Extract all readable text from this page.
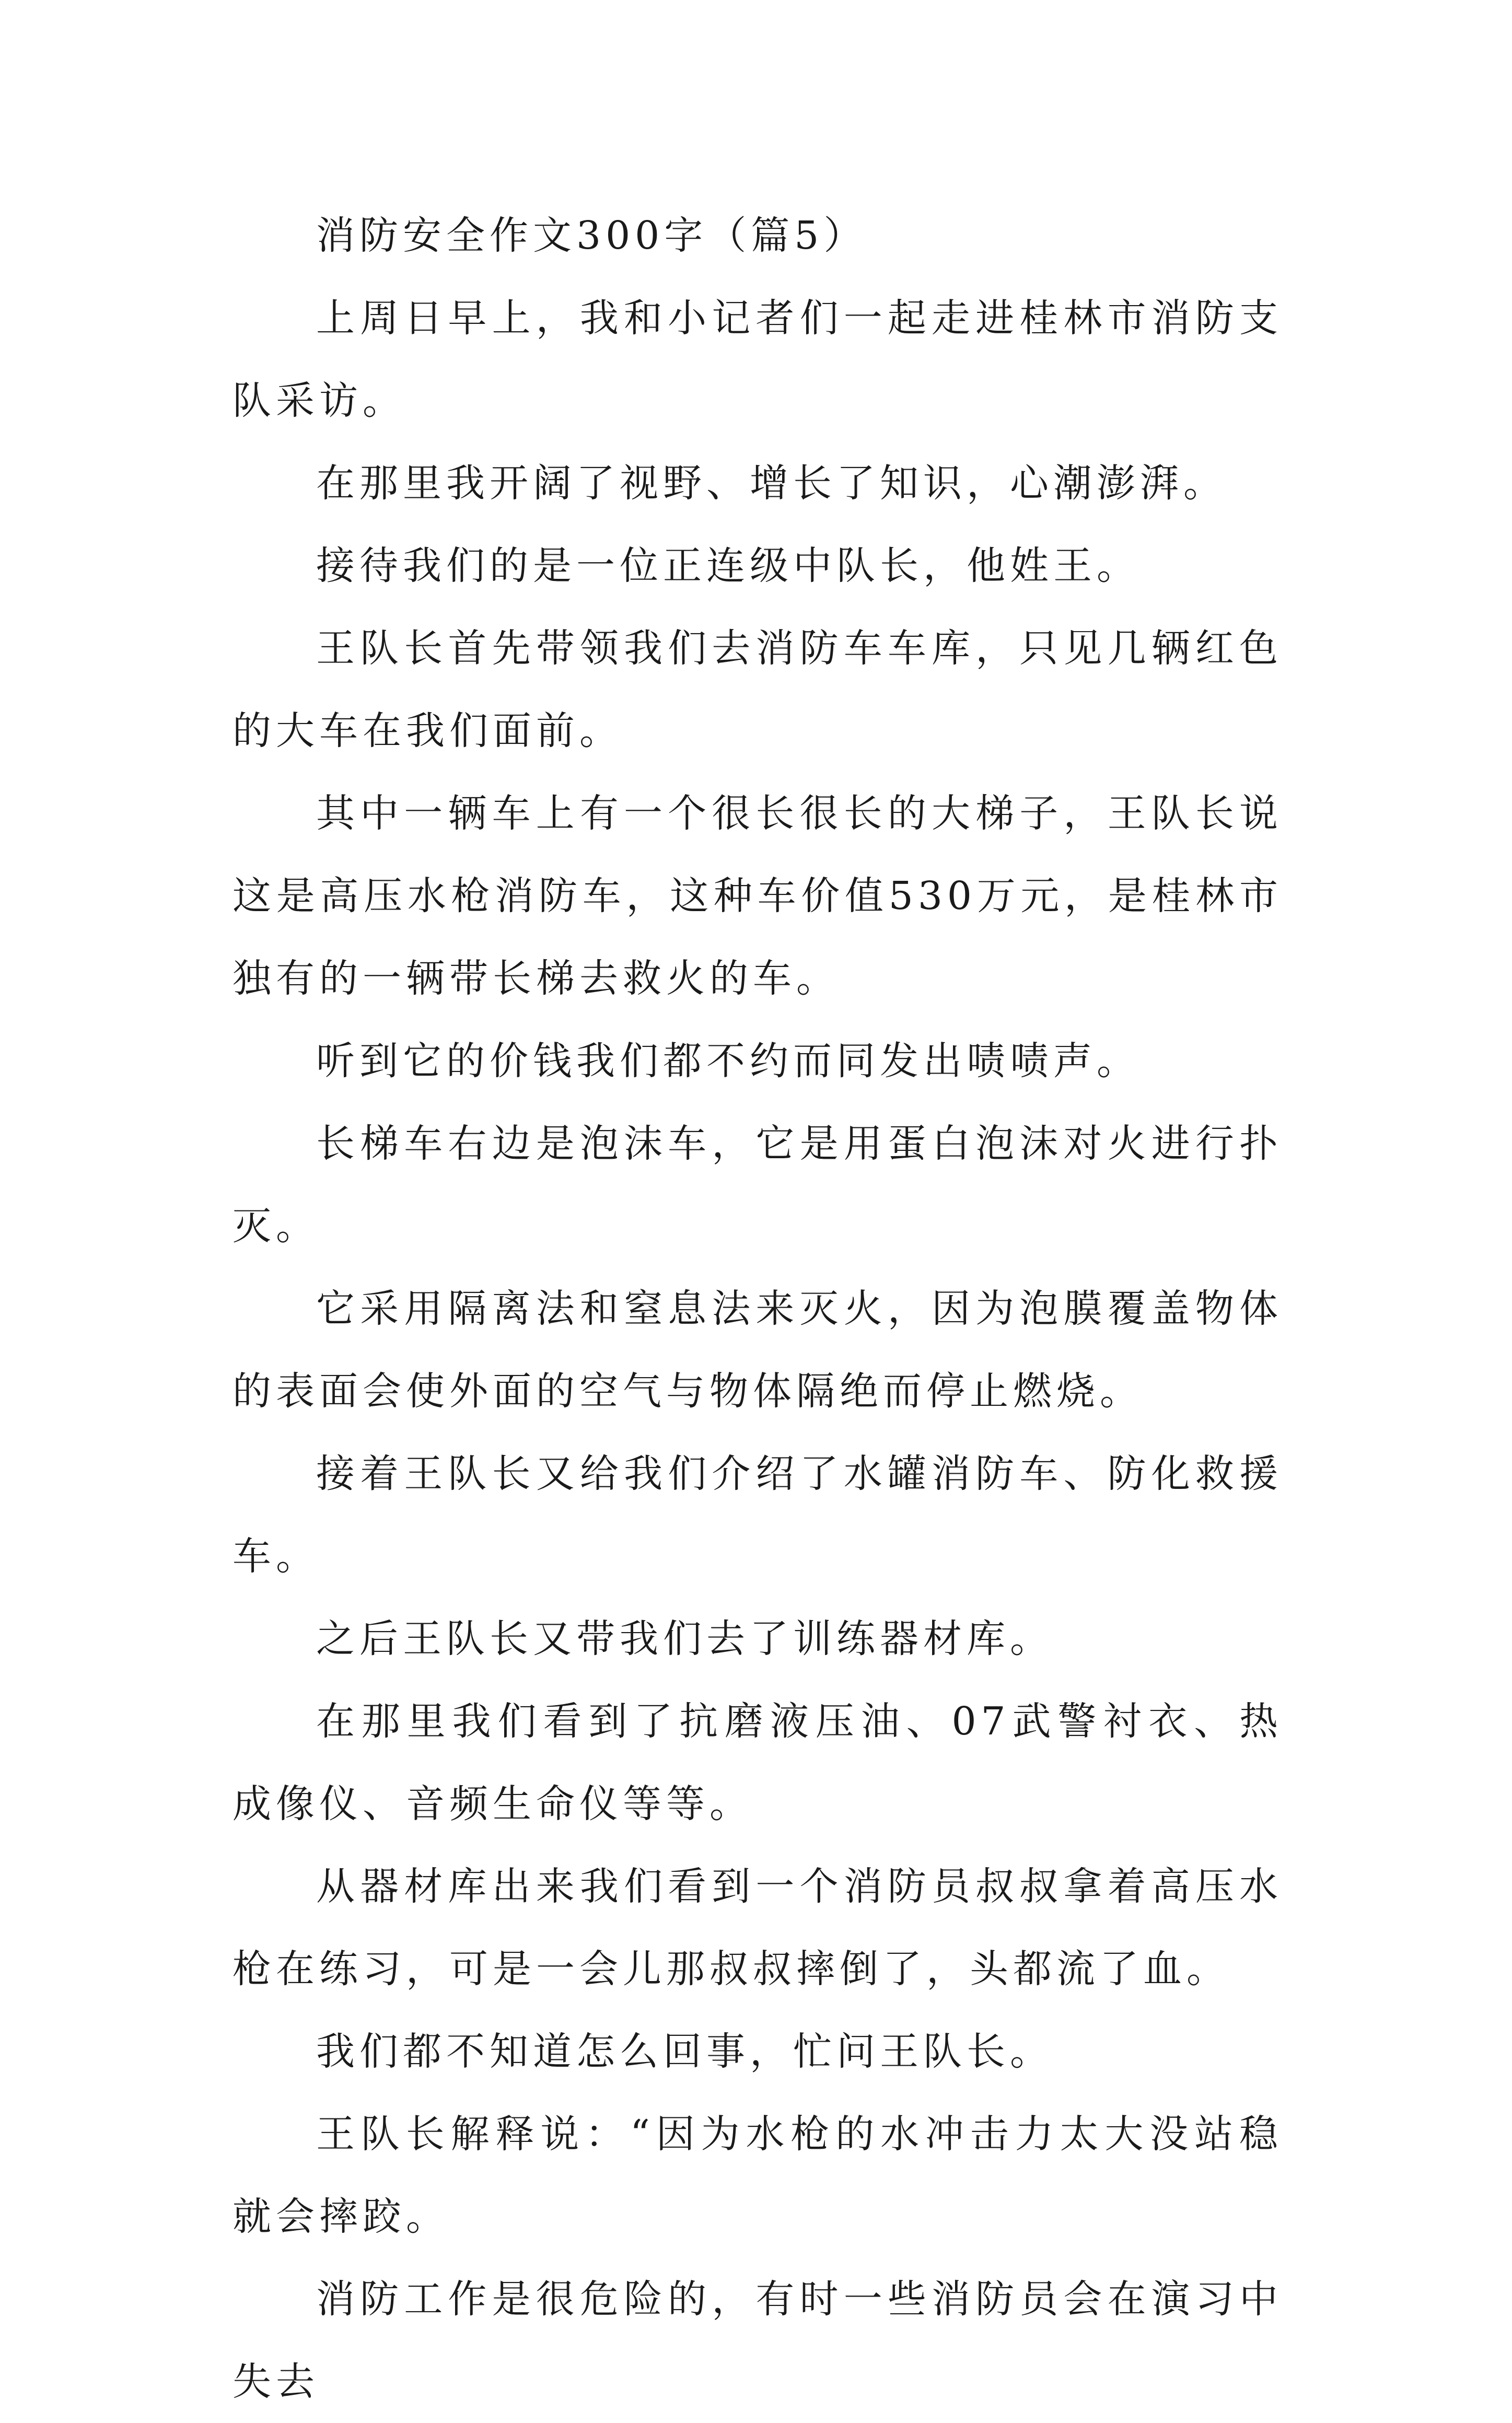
消防安全作文300字（篇5）

上周日早上，我和小记者们一起走进桂林市消防支队采访。

在那里我开阔了视野、增长了知识，心潮澎湃。

接待我们的是一位正连级中队长，他姓王。

王队长首先带领我们去消防车车库，只见几辆红色的大车在我们面前。

其中一辆车上有一个很长很长的大梯子，王队长说这是高压水枪消防车，这种车价值530万元，是桂林市独有的一辆带长梯去救火的车。

听到它的价钱我们都不约而同发出啧啧声。

长梯车右边是泡沫车，它是用蛋白泡沫对火进行扑灭。

它采用隔离法和窒息法来灭火，因为泡膜覆盖物体的表面会使外面的空气与物体隔绝而停止燃烧。

接着王队长又给我们介绍了水罐消防车、防化救援车。

之后王队长又带我们去了训练器材库。

在那里我们看到了抗磨液压油、07武警衬衣、热成像仪、音频生命仪等等。

从器材库出来我们看到一个消防员叔叔拿着高压水枪在练习，可是一会儿那叔叔摔倒了，头都流了血。

我们都不知道怎么回事，忙问王队长。

王队长解释说：“因为水枪的水冲击力太大没站稳就会摔跤。

消防工作是很危险的，有时一些消防员会在演习中失去
